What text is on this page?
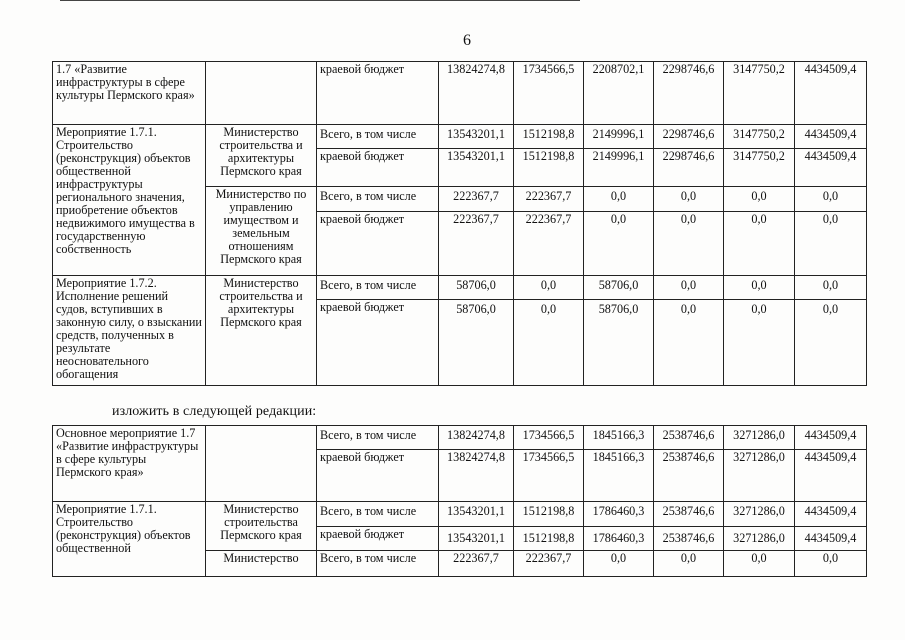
6
1.7 «Развитие инфраструктуры в сфере культуры Пермского края»		краевой бюджет	13824274,8	1734566,5	2208702,1	2298746,6	3147750,2	4434509,4
Мероприятие 1.7.1. Строительство (реконструкция) объектов общественной инфраструктуры регионального значения, приобретение объектов недвижимого имущества в государственную собственность	Министерство строительства и архитектуры Пермского края	Всего, в том числе	13543201,1	1512198,8	2149996,1	2298746,6	3147750,2	4434509,4
		краевой бюджет	13543201,1	1512198,8	2149996,1	2298746,6	3147750,2	4434509,4
	Министерство по управлению имуществом и земельным отношениям Пермского края	Всего, в том числе	222367,7	222367,7	0,0	0,0	0,0	0,0
		краевой бюджет	222367,7	222367,7	0,0	0,0	0,0	0,0
Мероприятие 1.7.2. Исполнение решений судов, вступивших в законную силу, о взыскании средств, полученных в результате неосновательного обогащения	Министерство строительства и архитектуры Пермского края	Всего, в том числе	58706,0	0,0	58706,0	0,0	0,0	0,0
		краевой бюджет	58706,0	0,0	58706,0	0,0	0,0	0,0
изложить в следующей редакции:
Основное мероприятие 1.7 «Развитие инфраструктуры в сфере культуры Пермского края»		Всего, в том числе	13824274,8	1734566,5	1845166,3	2538746,6	3271286,0	4434509,4
		краевой бюджет	13824274,8	1734566,5	1845166,3	2538746,6	3271286,0	4434509,4
Мероприятие 1.7.1. Строительство (реконструкция) объектов общественной	Министерство строительства Пермского края	Всего, в том числе	13543201,1	1512198,8	1786460,3	2538746,6	3271286,0	4434509,4
		краевой бюджет	13543201,1	1512198,8	1786460,3	2538746,6	3271286,0	4434509,4
	Министерство	Всего, в том числе	222367,7	222367,7	0,0	0,0	0,0	0,0
